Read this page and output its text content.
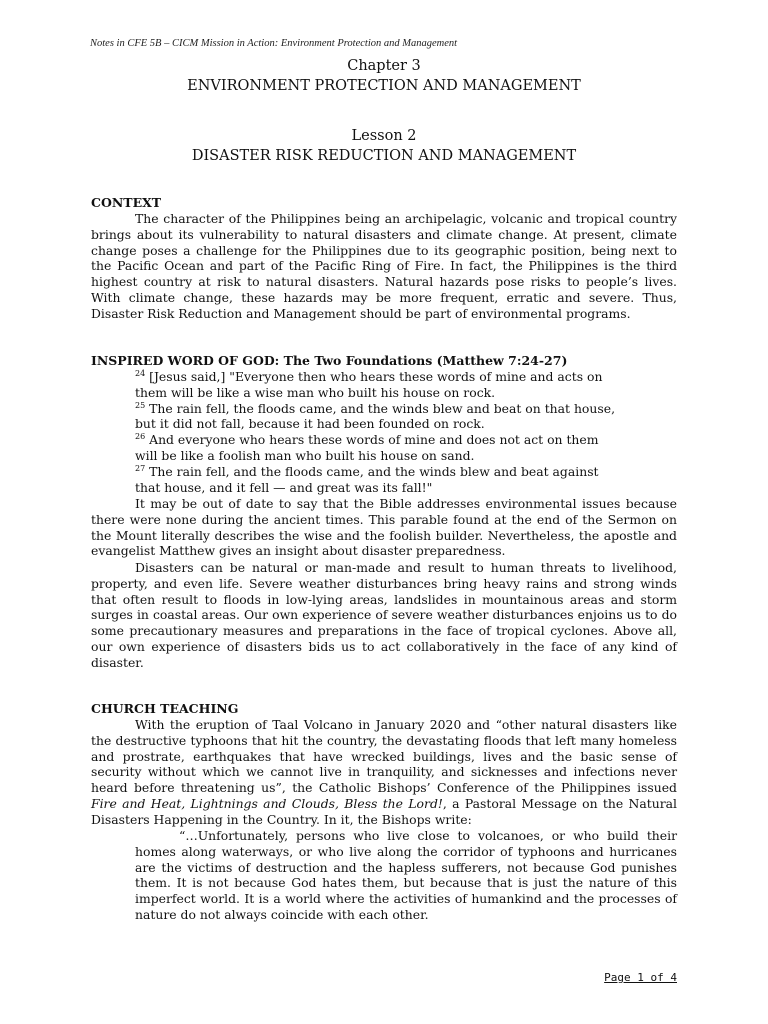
Notes in CFE 5B – CICM Mission in Action: Environment Protection and Management
Chapter 3
ENVIRONMENT PROTECTION AND MANAGEMENT
Lesson 2
DISASTER RISK REDUCTION AND MANAGEMENT
CONTEXT
The character of the Philippines being an archipelagic, volcanic and tropical country brings about its vulnerability to natural disasters and climate change. At present, climate change poses a challenge for the Philippines due to its geographic position, being next to the Pacific Ocean and part of the Pacific Ring of Fire. In fact, the Philippines is the third highest country at risk to natural disasters. Natural hazards pose risks to people’s lives. With climate change, these hazards may be more frequent, erratic and severe. Thus, Disaster Risk Reduction and Management should be part of environmental programs.
INSPIRED WORD OF GOD: The Two Foundations (Matthew 7:24-27)
$^{24}$ [Jesus said,] "Everyone then who hears these words of mine and acts on
them will be like a wise man who built his house on rock.
$^{25}$ The rain fell, the floods came, and the winds blew and beat on that house,
but it did not fall, because it had been founded on rock.
$^{26}$ And everyone who hears these words of mine and does not act on them
will be like a foolish man who built his house on sand.
$^{27}$ The rain fell, and the floods came, and the winds blew and beat against
that house, and it fell — and great was its fall!"
It may be out of date to say that the Bible addresses environmental issues because there were none during the ancient times. This parable found at the end of the Sermon on the Mount literally describes the wise and the foolish builder. Nevertheless, the apostle and evangelist Matthew gives an insight about disaster preparedness.
Disasters can be natural or man-made and result to human threats to livelihood, property, and even life. Severe weather disturbances bring heavy rains and strong winds that often result to floods in low-lying areas, landslides in mountainous areas and storm surges in coastal areas. Our own experience of severe weather disturbances enjoins us to do some precautionary measures and preparations in the face of tropical cyclones. Above all, our own experience of disasters bids us to act collaboratively in the face of any kind of disaster.
CHURCH TEACHING
With the eruption of Taal Volcano in January 2020 and “other natural disasters like the destructive typhoons that hit the country, the devastating floods that left many homeless and prostrate, earthquakes that have wrecked buildings, lives and the basic sense of security without which we cannot live in tranquility, and sicknesses and infections never heard before threatening us”, the Catholic Bishops’ Conference of the Philippines issued Fire and Heat, Lightnings and Clouds, Bless the Lord!, a Pastoral Message on the Natural Disasters Happening in the Country. In it, the Bishops write:
“…Unfortunately, persons who live close to volcanoes, or who build their homes along waterways, or who live along the corridor of typhoons and hurricanes are the victims of destruction and the hapless sufferers, not because God punishes them. It is not because God hates them, but because that is just the nature of this imperfect world. It is a world where the activities of humankind and the processes of nature do not always coincide with each other.
Page 1 of 4
